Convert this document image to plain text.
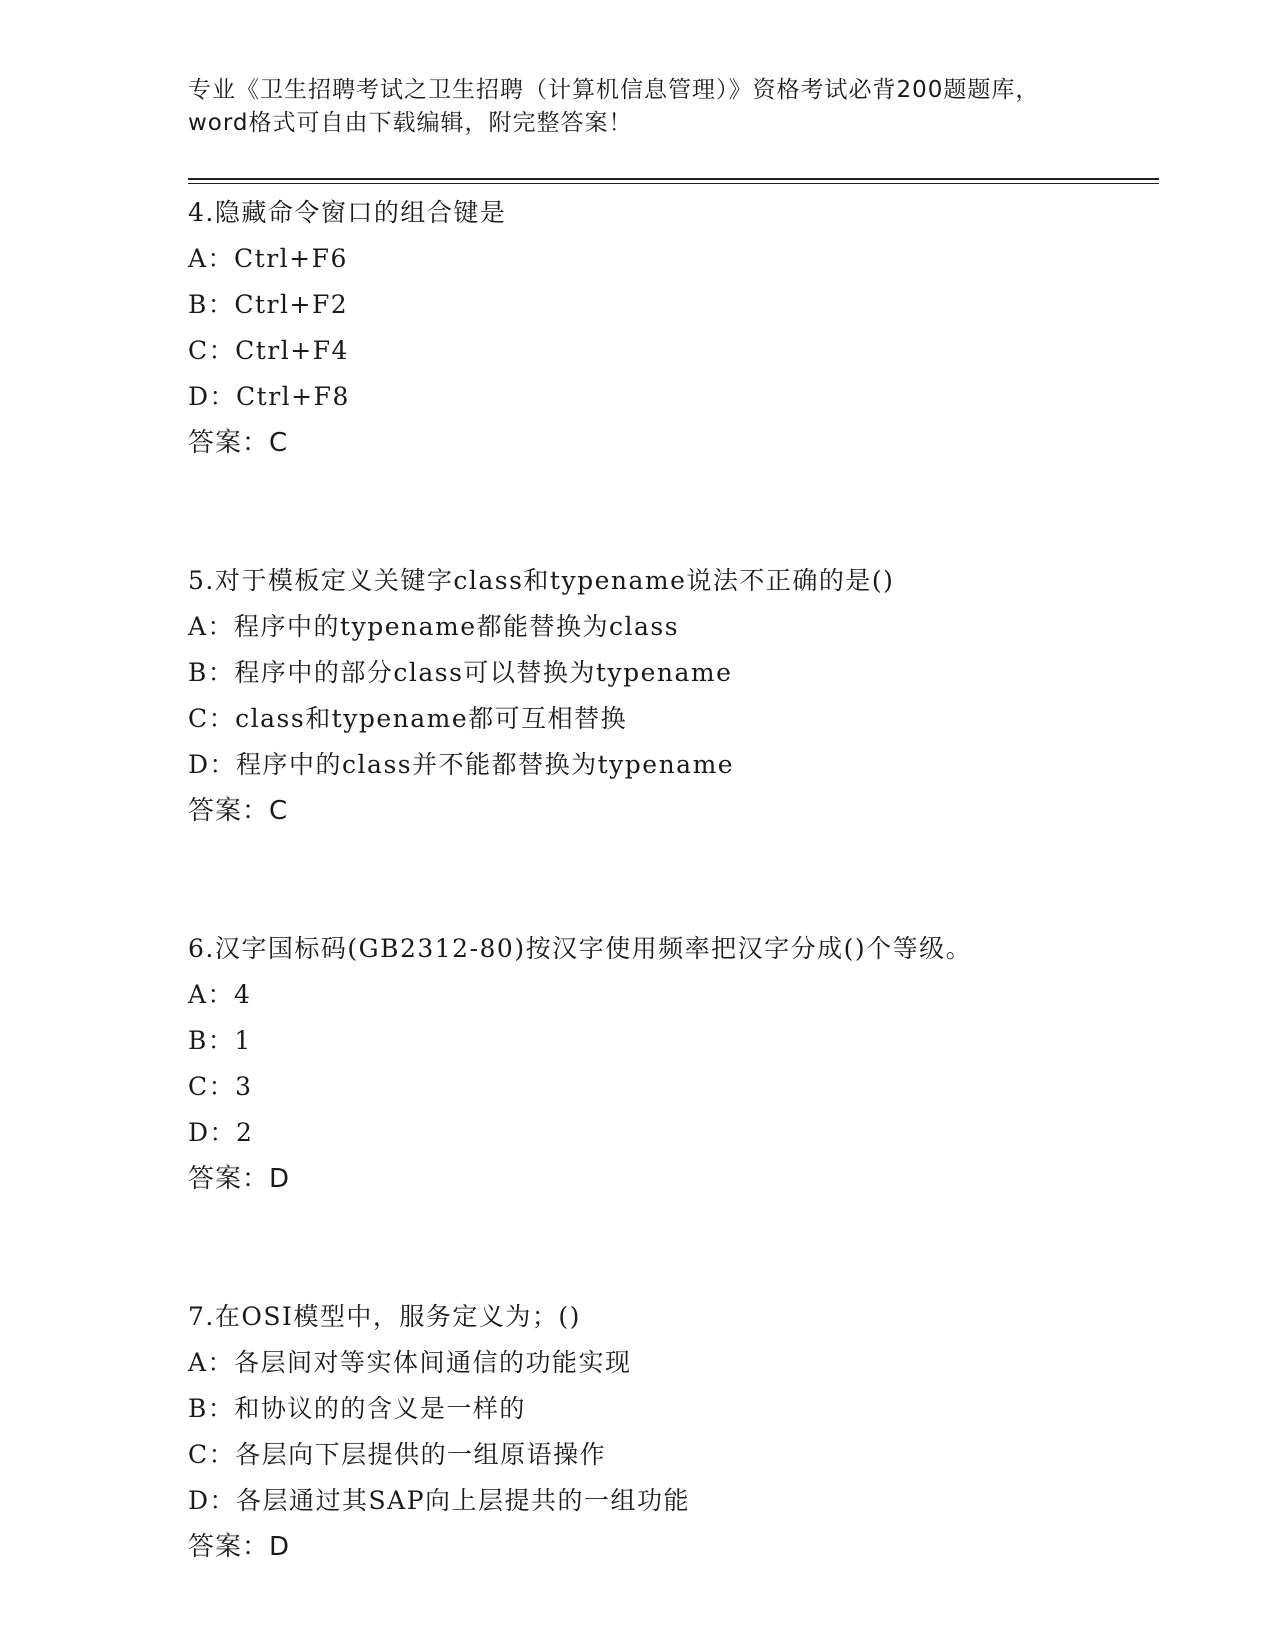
专业《卫生招聘考试之卫生招聘（计算机信息管理）》资格考试必背200题题库，
word格式可自由下载编辑，附完整答案！
4.隐藏命令窗口的组合键是
A：Ctrl+F6
B：Ctrl+F2
C：Ctrl+F4
D：Ctrl+F8
答案：C
5.对于模板定义关键字class和typename说法不正确的是()
A：程序中的typename都能替换为class
B：程序中的部分class可以替换为typename
C：class和typename都可互相替换
D：程序中的class并不能都替换为typename
答案：C
6.汉字国标码(GB2312-80)按汉字使用频率把汉字分成()个等级。
A：4
B：1
C：3
D：2
答案：D
7.在OSI模型中，服务定义为；()
A：各层间对等实体间通信的功能实现
B：和协议的的含义是一样的
C：各层向下层提供的一组原语操作
D：各层通过其SAP向上层提共的一组功能
答案：D
